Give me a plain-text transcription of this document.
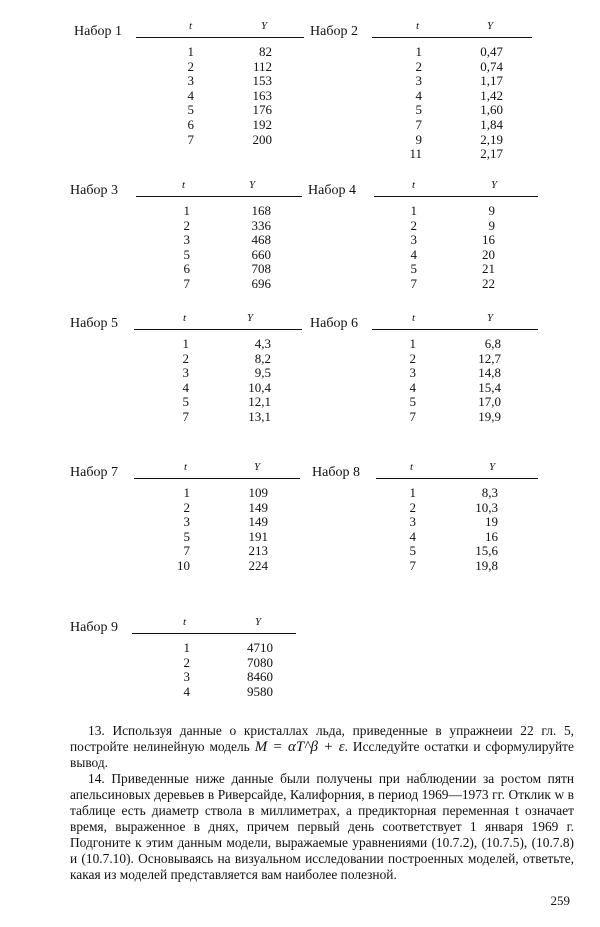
Набор 1	t	Y
1	82
2	112
3	153
4	163
5	176
6	192
7	200
Набор 2	t	Y
1	0,47
2	0,74
3	1,17
4	1,42
5	1,60
7	1,84
9	2,19
11	2,17
Набор 3	t	Y
1	168
2	336
3	468
5	660
6	708
7	696
Набор 4	t	Y
1	9
2	9
3	16
4	20
5	21
7	22
Набор 5	t	Y
1	4,3
2	8,2
3	9,5
4	10,4
5	12,1
7	13,1
Набор 6	t	Y
1	6,8
2	12,7
3	14,8
4	15,4
5	17,0
7	19,9
Набор 7	t	Y
1	109
2	149
3	149
5	191
7	213
10	224
Набор 8	t	Y
1	8,3
2	10,3
3	19
4	16
5	15,6
7	19,8
Набор 9	t	Y
1	4710
2	7080
3	8460
4	9580
13. Используя данные о кристаллах льда, приведенные в упражнеии 22 гл. 5, постройте нелинейную модель M = αT^β + ε. Исследуйте остатки и сформулируйте вывод.
14. Приведенные ниже данные были получены при наблюдении за ростом пятн апельсиновых деревьев в Риверсайде, Калифорния, в период 1969—1973 гг. Отклик w в таблице есть диаметр ствола в миллиметрах, а предикторная переменная t означает время, выраженное в днях, причем первый день соответствует 1 января 1969 г. Подгоните к этим данным модели, выражаемые уравнениями (10.7.2), (10.7.5), (10.7.8) и (10.7.10). Основываясь на визуальном исследовании построенных моделей, ответьте, какая из моделей представляется вам наиболее полезной.
259
